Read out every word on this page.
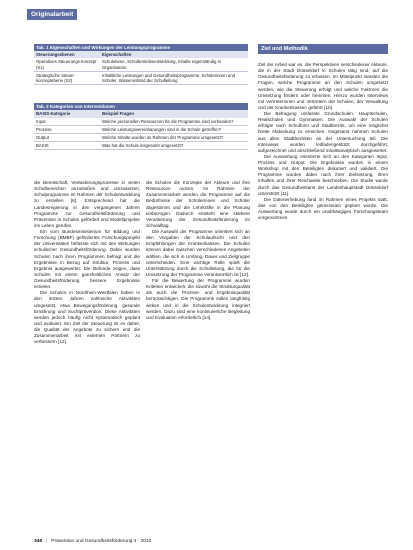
Originalarbeit
Tab. 1 Eigenschaften und Wirkungen der Leistungsprogramme
Steuerungsebenen	Eigenschaften
Operatives Steuerungs-konzept (S1)	Schulebene, Schulbetriebsentwicklung, Inhalte eigenständig in Organisation
Strategische Steuer-konzeptebene (S2)	Inhaltliche Leistungen und Gesundheitsprogramme, Schülerinnen und Schüler, Wissensstand der Schulleitung
Tab. 2 Kategorien von Interventionen
BASIS-Kategorie	Beispiel Fragen
Input	Welche personellen Ressourcen für die Programme sind vorhanden?
Prozess	Welche Leistungsvereinbarungen sind in die Schule getroffen?
Output	Welche Inhalte wurden im Rahmen der Programme umgesetzt?
BASIS	Was hat die Schule insgesamt umgesetzt?
Ziel und Methodik

die Bereitschaft, Veränderungsprozesse in vielen Schulbereichen anzustoßen und umzusetzen, Schulprogramme im Rahmen der Schulentwicklung zu erstellen [8]. Entsprechend hat die Landesregierung in den vergangenen Jahren Programme zur Gesundheitsförderung und Prävention in Schulen gefördert und Modellprojekte ins Leben gerufen.

Ein vom Bundesministerium für Bildung und Forschung (BMBF) gefördertes Forschungsprojekt der Universitäten befasste sich mit den Wirkungen schulischer Gesundheitsförderung. Dabei wurden Schulen nach ihren Programmen befragt und die Ergebnisse in Bezug auf Struktur, Prozess und Ergebnis ausgewertet. Die Befunde zeigen, dass Schulen mit einem ganzheitlichen Ansatz der Gesundheitsförderung bessere Ergebnisse erzielen.

Die Schulen in Nordrhein-Westfalen haben in den letzten Jahren zahlreiche Aktivitäten umgesetzt, etwa Bewegungsförderung, gesunde Ernährung und Suchtprävention. Diese Aktivitäten werden jedoch häufig nicht systematisch geplant und evaluiert. Ein Ziel der Steuerung ist es daher, die Qualität der Angebote zu sichern und die Zusammenarbeit mit externen Partnern zu verbessern [12].

die Schulen die Konzepte der Akteure und ihre Ressourcen nutzen. Im Rahmen der Zusammenarbeit werden die Programme auf die Bedürfnisse der Schülerinnen und Schüler abgestimmt und die Lehrkräfte in die Planung einbezogen. Dadurch entsteht eine stärkere Verankerung der Gesundheitsförderung im Schulalltag.

Die Auswahl der Programme orientiert sich an den Vorgaben der Schulaufsicht und den Empfehlungen der Krankenkassen. Die Schulen können dabei zwischen verschiedenen Angeboten wählen, die sich in Umfang, Dauer und Zielgruppe unterscheiden. Eine wichtige Rolle spielt die Unterstützung durch die Schulleitung, die für die Umsetzung der Programme verantwortlich ist [13].

Für die Bewertung der Programme wurden Kriterien entwickelt, die sowohl die Strukturqualität als auch die Prozess- und Ergebnisqualität berücksichtigen. Die Programme sollen langfristig wirken und in die Schulentwicklung integriert werden. Dazu sind eine kontinuierliche Begleitung und Evaluation erforderlich [14].

Ziel der Arbeit war es, die Perspektiven verschiedener Akteure, die in der Stadt Düsseldorf in Schulen tätig sind, auf die Gesundheitsförderung zu erfassen. Im Mittelpunkt standen die Fragen, welche Programme an den Schulen umgesetzt werden, wie die Steuerung erfolgt und welche Faktoren die Umsetzung fördern oder hemmen. Hierzu wurden Interviews mit Vertreterinnen und Vertretern der Schulen, der Verwaltung und der Krankenkassen geführt [10].

Die Befragung umfasste Grundschulen, Hauptschulen, Realschulen und Gymnasien. Die Auswahl der Schulen erfolgte nach Schulform und Stadtbezirk, um eine möglichst breite Abdeckung zu erreichen. Insgesamt nahmen Schulen aus allen Stadtbezirken an der Untersuchung teil. Die Interviews wurden leitfadengestützt durchgeführt, aufgezeichnet und anschließend inhaltsanalytisch ausgewertet.

Die Auswertung orientierte sich an den Kategorien Input, Prozess und Output. Die Ergebnisse wurden in einem Workshop mit den Beteiligten diskutiert und validiert. Die Programme wurden dabei nach ihrer Zielsetzung, ihren Inhalten und ihrer Reichweite beschrieben. Die Studie wurde durch das Gesundheitsamt der Landeshauptstadt Düsseldorf unterstützt [11].

Die Datenerhebung fand im Rahmen eines Projekts statt, das von den Beteiligten gemeinsam geplant wurde. Die Auswertung wurde durch ein unabhängiges Forschungsteam vorgenommen.

348 | Prävention und Gesundheitsförderung 4 · 2010
